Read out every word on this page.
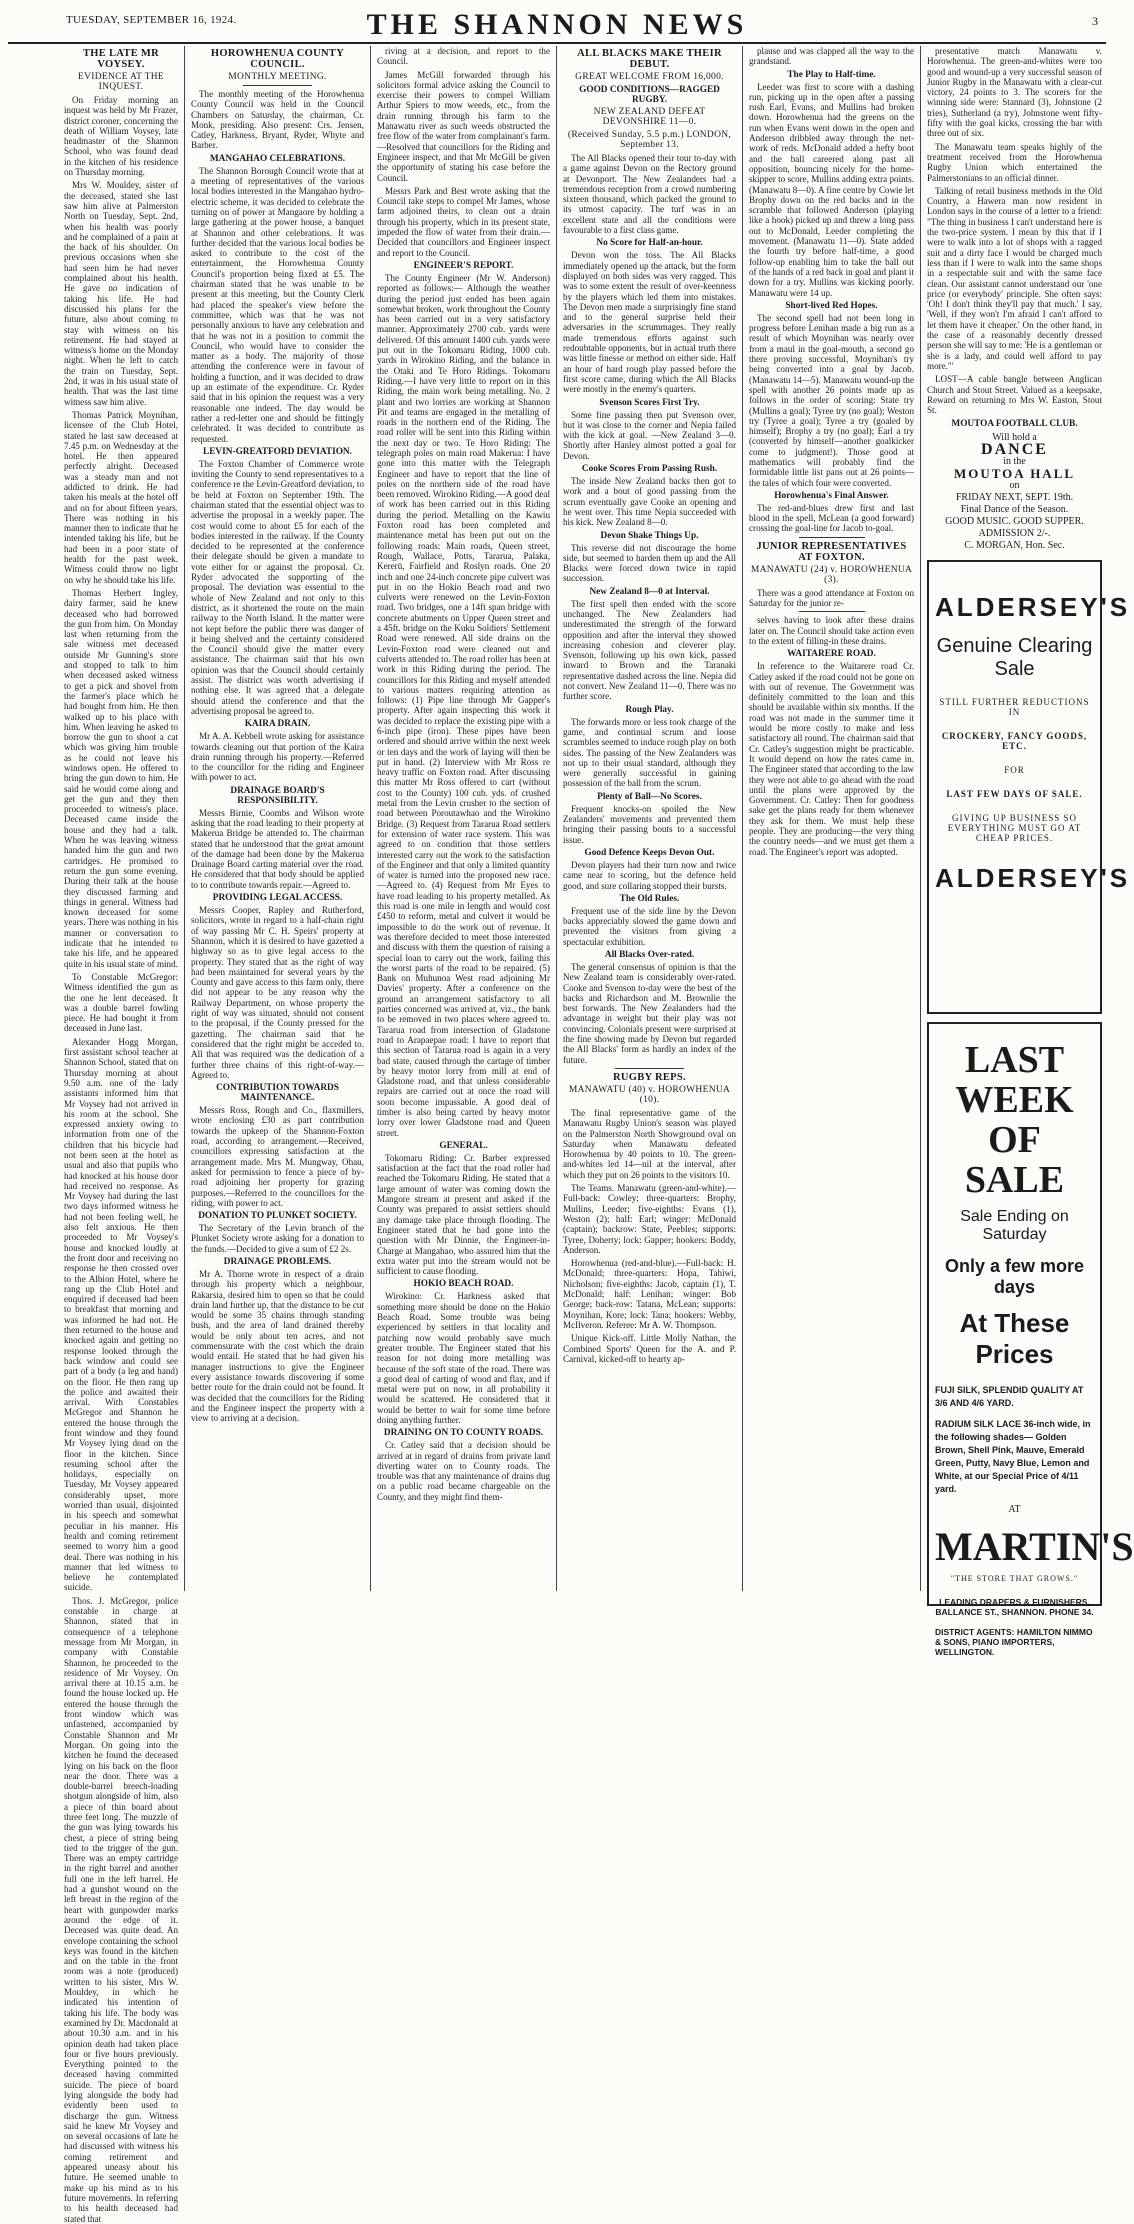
TUESDAY, SEPTEMBER 16, 1924.	THE SHANNON NEWS	3
THE LATE MR VOYSEY.
EVIDENCE AT THE INQUEST.

On Friday morning an inquest was held by Mr Frazer, district coroner, concerning the death of William Voysey, late headmaster of the Shannon School, who was found dead in the kitchen of his residence on Thursday morning.

Mrs W. Mouldey, sister of the deceased, stated she last saw him alive at Palmerston North on Tuesday, Sept. 2nd, when his health was poorly and he complained of a pain at the back of his shoulder. On previous occasions when she had seen him he had never complained about his health. He gave no indication of taking his life. He had discussed his plans for the future, also about coming to stay with witness on his retirement. He had stayed at witness's home on the Monday night. When he left to catch the train on Tuesday, Sept. 2nd, it was in his usual state of health. That was the last time witness saw him alive.

Thomas Patrick Moynihan, licensee of the Club Hotel, stated he last saw deceased at 7.45 p.m. on Wednesday at the hotel. He then appeared perfectly alright. Deceased was a steady man and not addicted to drink. He had taken his meals at the hotel off and on for about fifteen years. There was nothing in his manner then to indicate that he intended taking his life, but he had been in a poor state of health for the past week. Witness could throw no light on why he should take his life.

Thomas Herbert Ingley, dairy farmer, said he knew deceased who had borrowed the gun from him. On Monday last when returning from the sale witness met deceased outside Mr Gunning's store and stopped to talk to him when deceased asked witness to get a pick and shovel from the farmer's place which he had bought from him. He then walked up to his place with him. When leaving he asked to borrow the gun to shoot a cat which was giving him trouble as he could not leave his windows open. He offered to bring the gun down to him. He said he would come along and get the gun and they then proceeded to witness's place. Deceased came inside the house and they had a talk. When he was leaving witness handed him the gun and two cartridges. He promised to return the gun some evening. During their talk at the house they discussed farming and things in general. Witness had known deceased for some years. There was nothing in his manner or conversation to indicate that he intended to take his life, and he appeared quite in his usual state of mind.

To Constable McGregor: Witness identified the gun as the one he lent deceased. It was a double barrel fowling piece. He had bought it from deceased in June last.

Alexander Hogg Morgan, first assistant school teacher at Shannon School, stated that on Thursday morning at about 9.50 a.m. one of the lady assistants informed him that Mr Voysey had not arrived in his room at the school. She expressed anxiety owing to information from one of the children that his bicycle had not been seen at the hotel as usual and also that pupils who had knocked at his house door had received no response. As Mr Voysey had during the last two days informed witness he had not been feeling well, he also felt anxious. He then proceeded to Mr Voysey's house and knocked loudly at the front door and receiving no response he then crossed over to the Albion Hotel, where he rang up the Club Hotel and enquired if deceased had been to breakfast that morning and was informed he had not. He then returned to the house and knocked again and getting no response looked through the back window and could see part of a body (a leg and hand) on the floor. He then rang up the police and awaited their arrival. With Constables McGregor and Shannon he entered the house through the front window and they found Mr Voysey lying dead on the floor in the kitchen. Since resuming school after the holidays, especially on Tuesday, Mr Voysey appeared considerably upset, more worried than usual, disjointed in his speech and somewhat peculiar in his manner. His health and coming retirement seemed to worry him a good deal. There was nothing in his manner that led witness to believe he contemplated suicide.

Thos. J. McGregor, police constable in charge at Shannon, stated that in consequence of a telephone message from Mr Morgan, in company with Constable Shannon, he proceeded to the residence of Mr Voysey. On arrival there at 10.15 a.m. he found the house locked up. He entered the house through the front window which was unfastened, accompanied by Constable Shannon and Mr Morgan. On going into the kitchen he found the deceased lying on his back on the floor near the door. There was a double-barrel breech-loading shotgun alongside of him, also a piece of thin board about three feet long. The muzzle of the gun was lying towards his chest, a piece of string being tied to the trigger of the gun. There was an empty cartridge in the right barrel and another full one in the left barrel. He had a gunshot wound on the left breast in the region of the heart with gunpowder marks around the edge of it. Deceased was quite dead. An envelope containing the school keys was found in the kitchen and on the table in the front room was a note (produced) written to his sister, Mrs W. Mouldey, in which he indicated his intention of taking his life. The body was examined by Dr. Macdonald at about 10.30 a.m. and in his opinion death had taken place four or five hours previously. Everything pointed to the deceased having committed suicide. The piece of board lying alongside the body had evidently been used to discharge the gun. Witness said he knew Mr Voysey and on several occasions of late he had discussed with witness his coming retirement and appeared uneasy about his future. He seemed unable to make up his mind as to his future movements. In referring to his health deceased had stated that

HOROWHENUA COUNTY COUNCIL.
MONTHLY MEETING.

The monthly meeting of the Horowhenua County Council was held in the Council Chambers on Saturday, the chairman, Cr. Monk, presiding. Also present: Crs. Jensen, Catley, Harkness, Bryant, Ryder, Whyte and Barber.

MANGAHAO CELEBRATIONS.

The Shannon Borough Council wrote that at a meeting of representatives of the various local bodies interested in the Mangahao hydro-electric scheme, it was decided to celebrate the turning on of power at Mangaore by holding a large gathering at the power house, a banquet at Shannon and other celebrations. It was further decided that the various local bodies be asked to contribute to the cost of the entertainment, the Horowhenua County Council's proportion being fixed at £5. The chairman stated that he was unable to be present at this meeting, but the County Clerk had placed the speaker's view before the committee, which was that he was not personally anxious to have any celebration and that he was not in a position to commit the Council, who would have to consider the matter as a body. The majority of those attending the conference were in favour of holding a function, and it was decided to draw up an estimate of the expenditure. Cr. Ryder said that in his opinion the request was a very reasonable one indeed. The day would be rather a red-letter one and should be fittingly celebrated. It was decided to contribute as requested.

LEVIN-GREATFORD DEVIATION.

The Foxton Chamber of Commerce wrote inviting the County to send representatives to a conference re the Levin-Greatford deviation, to be held at Foxton on September 19th. The chairman stated that the essential object was to advertise the proposal in a weekly paper. The cost would come to about £5 for each of the bodies interested in the railway. If the County decided to be represented at the conference their delegate should be given a mandate to vote either for or against the proposal. Cr. Ryder advocated the supporting of the proposal. The deviation was essential to the whole of New Zealand and not only to this district, as it shortened the route on the main railway to the North Island. It the matter were not kept before the public there was danger of it being shelved and the certainty considered the Council should give the matter every assistance. The chairman said that his own opinion was that the Council should certainly assist. The district was worth advertising if nothing else. It was agreed that a delegate should attend the conference and that the advertising proposal be agreed to.

KAIRA DRAIN.

Mr A. A. Kebbell wrote asking for assistance towards cleaning out that portion of the Kaira drain running through his property.—Referred to the councillor for the riding and Engineer with power to act.

DRAINAGE BOARD'S RESPONSIBILITY.

Messrs Birnie, Coombs and Wilson wrote asking that the road leading to their property at Makerua Bridge be attended to. The chairman stated that he understood that the great amount of the damage had been done by the Makerua Drainage Board carting material over the road. He considered that that body should be applied to to contribute towards repair.—Agreed to.

PROVIDING LEGAL ACCESS.

Messrs Cooper, Rapley and Rutherford, solicitors, wrote in regard to a half-chain right of way passing Mr C. H. Speirs' property at Shannon, which it is desired to have gazetted a highway so as to give legal access to the property. They stated that as the right of way had been maintained for several years by the County and gave access to this farm only, there did not appear to be any reason why the Railway Department, on whose property the right of way was situated, should not consent to the proposal, if the County pressed for the gazetting. The chairman said that he considered that the right might be acceded to. All that was required was the dedication of a further three chains of this right-of-way.—Agreed to.

CONTRIBUTION TOWARDS MAINTENANCE.

Messrs Ross, Rough and Co., flaxmillers, wrote enclosing £30 as part contribution towards the upkeep of the Shannon-Foxton road, according to arrangement.—Received, councillors expressing satisfaction at the arrangement made. Mrs M. Mungway, Ohau, asked for permission to fence a piece of by-road adjoining her property for grazing purposes.—Referred to the councillors for the riding, with power to act.

DONATION TO PLUNKET SOCIETY.

The Secretary of the Levin branch of the Plunket Society wrote asking for a donation to the funds.—Decided to give a sum of £2 2s.

DRAINAGE PROBLEMS.

Mr A. Thorne wrote in respect of a drain through his property which a neighbour, Rakarsia, desired him to open so that he could drain land further up, that the distance to be cut would be some 35 chains through standing bush, and the area of land drained thereby would be only about ten acres, and not commensurate with the cost which the drain would entail. He stated that he had given his manager instructions to give the Engineer every assistance towards discovering if some better route for the drain could not be found. It was decided that the councillors for the Riding and the Engineer inspect the property with a view to arriving at a decision.

riving at a decision, and report to the Council.

James McGill forwarded through his solicitors formal advice asking the Council to exercise their powers to compel William Arthur Spiers to mow weeds, etc., from the drain running through his farm to the Manawatu river as such weeds obstructed the free flow of the water from complainant's farm.—Resolved that councillors for the Riding and Engineer inspect, and that Mr McGill be given the opportunity of stating his case before the Council.

Messrs Park and Best wrote asking that the Council take steps to compel Mr James, whose farm adjoined theirs, to clean out a drain through his property, which in its present state, impeded the flow of water from their drain.—Decided that councillors and Engineer inspect and report to the Council.

ENGINEER'S REPORT.

The County Engineer (Mr W. Anderson) reported as follows:— Although the weather during the period just ended has been again somewhat broken, work throughout the County has been carried out in a very satisfactory manner. Approximately 2700 cub. yards were delivered. Of this amount 1400 cub. yards were put out in the Tokomaru Riding, 1000 cub. yards in Wirokino Riding, and the balance in the Otaki and Te Horo Ridings. Tokomaru Riding.—I have very little to report on in this Riding, the main work being metalling. No. 2 plant and two lorries are working at Shannon Pit and teams are engaged in the metalling of roads in the northern end of the Riding. The road roller will be sent into this Riding within the next day or two. Te Horo Riding: The telegraph poles on main road Makerua: I have gone into this matter with the Telegraph Engineer and have to report that the line of poles on the northern side of the road have been removed. Wirokino Riding.—A good deal of work has been carried out in this Riding during the period. Metalling on the Kawiu Foxton road has been completed and maintenance metal has been put out on the following roads: Main roads, Queen street, Rough, Wallace, Potts, Tararua, Palaka, Kererū, Fairfield and Roslyn roads. One 20 inch and one 24-inch concrete pipe culvert was put in on the Hokio Beach road and two culverts were renewed on the Levin-Foxton road. Two bridges, one a 14ft span bridge with concrete abutments on Upper Queen street and a 45ft. bridge on the Kuku Soldiers' Settlement Road were renewed. All side drains on the Levin-Foxton road were cleaned out and culverts attended to. The road roller has been at work in this Riding during the period. The councillors for this Riding and myself attended to various matters requiring attention as follows: (1) Pipe line through Mr Gapper's property. After again inspecting this work it was decided to replace the existing pipe with a 6-inch pipe (iron). These pipes have been ordered and should arrive within the next week or ten days and the work of laying will then be put in hand. (2) Interview with Mr Ross re heavy traffic on Foxton road. After discussing this matter Mr Ross offered to cart (without cost to the County) 100 cub. yds. of crushed metal from the Levin crusher to the section of road between Poroutawhao and the Wirokino Bridge. (3) Request from Tararua Road settlers for extension of water race system. This was agreed to on condition that those settlers interested carry out the work to the satisfaction of the Engineer and that only a limited quantity of water is turned into the proposed new race.—Agreed to. (4) Request from Mr Eyes to have road leading to his property metalled. As this road is one mile in length and would cost £450 to reform, metal and culvert it would be impossible to do the work out of revenue. It was therefore decided to meet those interested and discuss with them the question of raising a special loan to carry out the work, failing this the worst parts of the road to be repaired. (5) Bank on Muhunoa West road adjoining Mr Davies' property. After a conference on the ground an arrangement satisfactory to all parties concerned was arrived at, viz., the bank to be removed in two places where agreed to. Tararua road from intersection of Gladstone road to Arapaepae road: I have to report that this section of Tararua road is again in a very bad state, caused through the cartage of timber by heavy motor lorry from mill at end of Gladstone road, and that unless considerable repairs are carried out at once the road will soon become impassable. A good deal of timber is also being carted by heavy motor lorry over lower Gladstone road and Queen street.

GENERAL.

Tokomaru Riding: Cr. Barber expressed satisfaction at the fact that the road roller had reached the Tokomaru Riding. He stated that a large amount of water was coming down the Mangore stream at present and asked if the County was prepared to assist settlers should any damage take place through flooding. The Engineer stated that he had gone into the question with Mr Dinnie, the Engineer-in-Charge at Mangahao, who assured him that the extra water put into the stream would not be sufficient to cause flooding.

HOKIO BEACH ROAD.

Wirokino: Cr. Harkness asked that something more should be done on the Hokio Beach Road. Some trouble was being experienced by settlers in that locality and patching now would probably save much greater trouble. The Engineer stated that his reason for not doing more metalling was because of the soft state of the road. There was a good deal of carting of wood and flax, and if metal were put on now, in all probability it would be scattered. He considered that it would be better to wait for some time before doing anything further.

DRAINING ON TO COUNTY ROADS.

Cr. Catley said that a decision should be arrived at in regard of drains from private land diverting water on to County roads. The trouble was that any maintenance of drains dug on a public road became chargeable on the County, and they might find them-

ALL BLACKS MAKE THEIR DEBUT.
GREAT WELCOME FROM 16,000.
GOOD CONDITIONS—RAGGED RUGBY.
NEW ZEALAND DEFEAT DEVONSHIRE 11—0.
(Received Sunday, 5.5 p.m.) LONDON, September 13.

The All Blacks opened their tour to-day with a game against Devon on the Rectory ground at Devonport. The New Zealanders had a tremendous reception from a crowd numbering sixteen thousand, which packed the ground to its utmost capacity. The turf was in an excellent state and all the conditions were favourable to a first class game.

No Score for Half-an-hour.

Devon won the toss. The All Blacks immediately opened up the attack, but the form displayed on both sides was very ragged. This was to some extent the result of over-keenness by the players which led them into mistakes. The Devon men made a surprisingly fine stand and to the general surprise held their adversaries in the scrummages. They really made tremendous efforts against such redoubtable opponents, but in actual truth there was little finesse or method on either side. Half an hour of hard rough play passed before the first score came, during which the All Blacks were mostly in the enemy's quarters.

Svenson Scores First Try.

Some fine passing then put Svenson over, but it was close to the corner and Nepia failed with the kick at goal. —New Zealand 3—0. Shortly after Hanley almost potted a goal for Devon.

Cooke Scores From Passing Rush.

The inside New Zealand backs then got to work and a bout of good passing from the scrum eventually gave Cooke an opening and he went over. This time Nepia succeeded with his kick. New Zealand 8—0.

Devon Shake Things Up.

This reverse did not discourage the home side, but seemed to harden them up and the All Blacks were forced down twice in rapid succession.

New Zealand 8—0 at Interval.

The first spell then ended with the score unchanged. The New Zealanders had underestimated the strength of the forward opposition and after the interval they showed increasing cohesion and cleverer play. Svenson, following up his own kick, passed inward to Brown and the Taranaki representative dashed across the line. Nepia did not convert. New Zealand 11—0. There was no further score.

Rough Play.

The forwards more or less took charge of the game, and continual scrum and loose scrambles seemed to induce rough play on both sides. The passing of the New Zealanders was not up to their usual standard, although they were generally successful in gaining possession of the ball from the scrum.

Plenty of Ball—No Scores.

Frequent knocks-on spoiled the New Zealanders' movements and prevented them bringing their passing bouts to a successful issue.

Good Defence Keeps Devon Out.

Devon players had their turn now and twice came near to scoring, but the defence held good, and sure collaring stopped their bursts.

The Old Rules.

Frequent use of the side line by the Devon backs appreciably slowed the game down and prevented the visitors from giving a spectacular exhibition.

All Blacks Over-rated.

The general consensus of opinion is that the New Zealand team is considerably over-rated. Cooke and Svenson to-day were the best of the backs and Richardson and M. Brownlie the best forwards. The New Zealanders had the advantage in weight but their play was not convincing. Colonials present were surprised at the fine showing made by Devon but regarded the All Blacks' form as hardly an index of the future.

RUGBY REPS.
MANAWATU (40) v. HOROWHENUA (10).

The final representative game of the Manawatu Rugby Union's season was played on the Palmerston North Showground oval on Saturday when Manawatu defeated Horowhenua by 40 points to 10. The green-and-whites led 14—nil at the interval, after which they put on 26 points to the visitors 10.

The Teams. Manawatu (green-and-white).—Full-back: Cowley; three-quarters: Brophy, Mullins, Leeder; five-eighths: Evans (1), Weston (2); half: Earl; winger: McDonald (captain); backrow: State, Peebles; supports: Tyree, Doherty; lock: Gapper; hookers: Boddy, Anderson.

Horowhenua (red-and-blue).—Full-back: H. McDonald; three-quarters: Hopa, Tahiwi, Nicholson; five-eighths: Jacob, captain (1), T. McDonald; half: Lenihan; winger: Bob George; back-row: Tatana, McLean; supports: Moynihan, Kore; lock: Tana; hookers: Webby, McIlveron. Referee: Mr A. W. Thompson.

Unique Kick-off. Little Molly Nathan, the Combined Sports' Queen for the A. and P. Carnival, kicked-off to hearty ap-

plause and was clapped all the way to the grandstand.

The Play to Half-time.

Leeder was first to score with a dashing run, picking up in the open after a passing rush Earl, Evans, and Mullins had broken down. Horowhenua had the greens on the run when Evans went down in the open and Anderson dribbled away through the net-work of reds. McDonald added a hefty boot and the ball careered along past all opposition, bouncing nicely for the home-skipper to score, Mullins adding extra points. (Manawatu 8—0). A fine centre by Cowie let Brophy down on the red backs and in the scramble that followed Anderson (playing like a hook) picked up and threw a long pass out to McDonald, Leeder completing the movement. (Manawatu 11—0). State added the fourth try before half-time, a good follow-up enabling him to take the ball out of the hands of a red back in goal and plant it down for a try. Mullins was kicking poorly. Manawatu were 14 up.

Short-lived Red Hopes.

The second spell had not been long in progress before Lenihan made a big run as a result of which Moynihan was nearly over from a maul in the goal-mouth, a second go there proving successful, Moynihan's try being converted into a goal by Jacob. (Manawatu 14—5). Manawatu wound-up the spell with another 26 points made up as follows in the order of scoring: State try (Mullins a goal); Tyree try (no goal); Weston try (Tyree a goal); Tyree a try (goaled by himself); Brophy a try (no goal); Earl a try (converted by himself—another goalkicker come to judgment!). Those good at mathematics will probably find the formidable little list pans out at 26 points—the tales of which four were converted.

Horowhenua's Final Answer.

The red-and-blues drew first and last blood in the spell, McLean (a good forward) crossing the goal-line for Jacob to-goal.

JUNIOR REPRESENTATIVES AT FOXTON.
MANAWATU (24) v. HOROWHENUA (3).

There was a good attendance at Foxton on Saturday for the junior re-

selves having to look after these drains later on. The Council should take action even to the extent of filling-in these drains.

WAITARERE ROAD.

In reference to the Waitarere road Cr. Catley asked if the road could not be gone on with out of revenue. The Government was definitely committed to the loan and this should be available within six months. If the road was not made in the summer time it would be more costly to make and less satisfactory all round. The chairman said that Cr. Catley's suggestion might be practicable. It would depend on how the rates came in. The Engineer stated that according to the law they were not able to go ahead with the road until the plans were approved by the Government. Cr. Catley: Then for goodness sake get the plans ready for them whenever they ask for them. We must help these people. They are producing—the very thing the country needs—and we must get them a road. The Engineer's report was adopted.

presentative match Manawatu v. Horowhenua. The green-and-whites were too good and wound-up a very successful season of Junior Rugby in the Manawatu with a clear-cut victory, 24 points to 3. The scorers for the winning side were: Stannard (3), Johnstone (2 tries), Sutherland (a try), Johnstone went fifty-fifty with the goal kicks, crossing the bar with three out of six.

The Manawatu team speaks highly of the treatment received from the Horowhenua Rugby Union which entertained the Palmerstonians to an official dinner.

Talking of retail business methods in the Old Country, a Hawera man now resident in London says in the course of a letter to a friend: "The thing in business I can't understand here is the two-price system. I mean by this that if I were to walk into a lot of shops with a ragged suit and a dirty face I would be charged much less than if I were to walk into the same shops in a respectable suit and with the same face clean. Our assistant cannot understand our 'one price (or everybody' principle. She often says: 'Oh! I don't think they'll pay that much.' I say, 'Well, if they won't I'm afraid I can't afford to let them have it cheaper.' On the other hand, in the case of a reasonably decently dressed person she will say to me: 'He is a gentleman or she is a lady, and could well afford to pay more.'"

LOST—A cable bangle between Anglican Church and Stout Street. Valued as a keepsake, Reward on returning to Mrs W. Easton, Stout St.

MOUTOA FOOTBALL CLUB.
Will hold a
DANCE
in the
MOUTOA HALL
on
FRIDAY NEXT, SEPT. 19th.
Final Dance of the Season.
GOOD MUSIC. GOOD SUPPER.
ADMISSION 2/-.
C. MORGAN, Hon. Sec.
ALDERSEY'S
Genuine Clearing Sale
STILL FURTHER REDUCTIONS IN
CROCKERY, FANCY GOODS, ETC.
FOR
LAST FEW DAYS OF SALE.
GIVING UP BUSINESS SO EVERYTHING MUST GO AT CHEAP PRICES.
ALDERSEY'S
LAST WEEK OF SALE
Sale Ending on Saturday
Only a few more days
At These Prices
FUJI SILK, SPLENDID QUALITY AT 3/6 AND 4/6 YARD.
RADIUM SILK LACE 36-inch wide, in the following shades— Golden Brown, Shell Pink, Mauve, Emerald Green, Putty, Navy Blue, Lemon and White, at our Special Price of 4/11 yard.
AT
MARTIN'S
"THE STORE THAT GROWS."
LEADING DRAPERS & FURNISHERS, BALLANCE ST., SHANNON. PHONE 34.
DISTRICT AGENTS: HAMILTON NIMMO & SONS, PIANO IMPORTERS, WELLINGTON.
